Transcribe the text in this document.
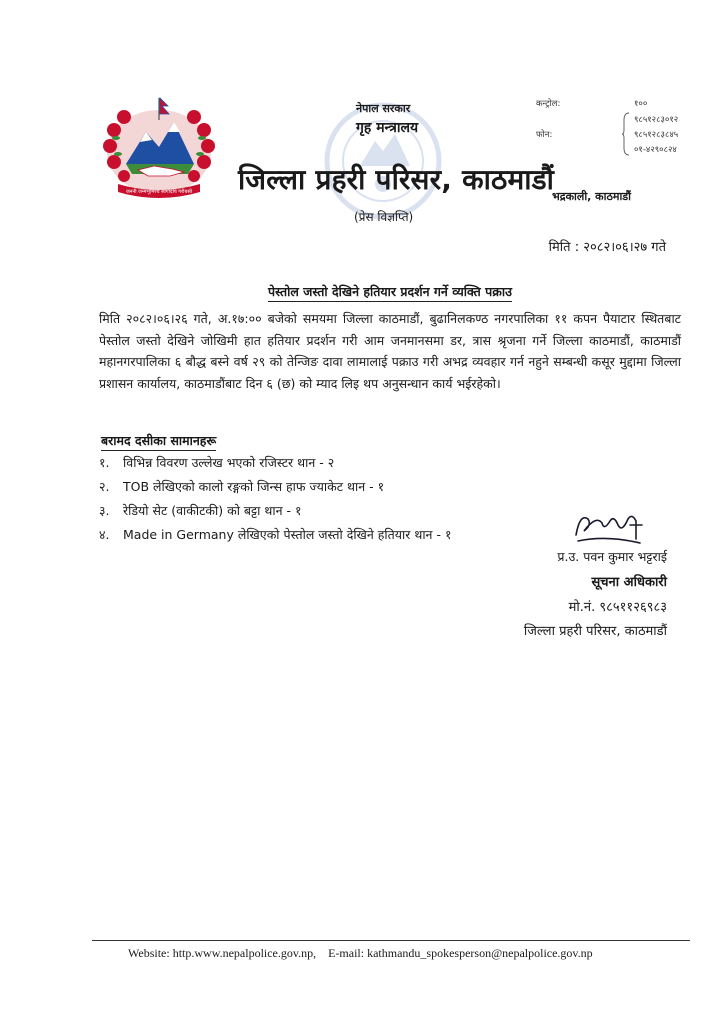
जननी जन्मभूमिश्च स्वर्गादपि गरीयसी
नेपाल सरकार
गृह मन्त्रालय
जिल्ला प्रहरी परिसर, काठमाडौं
(प्रेस विज्ञप्ति)
कन्ट्रोल:	१००
९८५१२८३०१२
फोन:	९८५१२८३८४५
०१-४२९०८२४
भद्रकाली, काठमाडौं
मिति : २०८२।०६।२७ गते
पेस्तोल जस्तो देखिने हतियार प्रदर्शन गर्ने व्यक्ति पक्राउ
मिति २०८२।०६।२६ गते, अ.१७:०० बजेको समयमा जिल्ला काठमाडौं, बुढानिलकण्ठ नगरपालिका ११ कपन पैयाटार स्थितबाट पेस्तोल जस्तो देखिने जोखिमी हात हतियार प्रदर्शन गरी आम जनमानसमा डर, त्रास श्रृजना गर्ने जिल्ला काठमाडौं, काठमाडौं महानगरपालिका ६ बौद्ध बस्ने वर्ष २९ को तेन्जिङ दावा लामालाई पक्राउ गरी अभद्र व्यवहार गर्न नहुने सम्बन्धी कसूर मुद्दामा जिल्ला प्रशासन कार्यालय, काठमाडौंबाट दिन ६ (छ) को म्याद लिइ थप अनुसन्धान कार्य भईरहेको।
बरामद दसीका सामानहरू
१. विभिन्न विवरण उल्लेख भएको रजिस्टर थान - २
२. TOB लेखिएको कालो रङ्गको जिन्स हाफ ज्याकेट थान - १
३. रेडियो सेट (वाकीटकी) को बट्टा थान - १
४. Made in Germany लेखिएको पेस्तोल जस्तो देखिने हतियार थान - १
प्र.उ. पवन कुमार भट्टराई
सूचना अधिकारी
मो.नं. ९८५११२६९८३
जिल्ला प्रहरी परिसर, काठमाडौं
Website: http.www.nepalpolice.gov.np, E-mail: kathmandu_spokesperson@nepalpolice.gov.np
